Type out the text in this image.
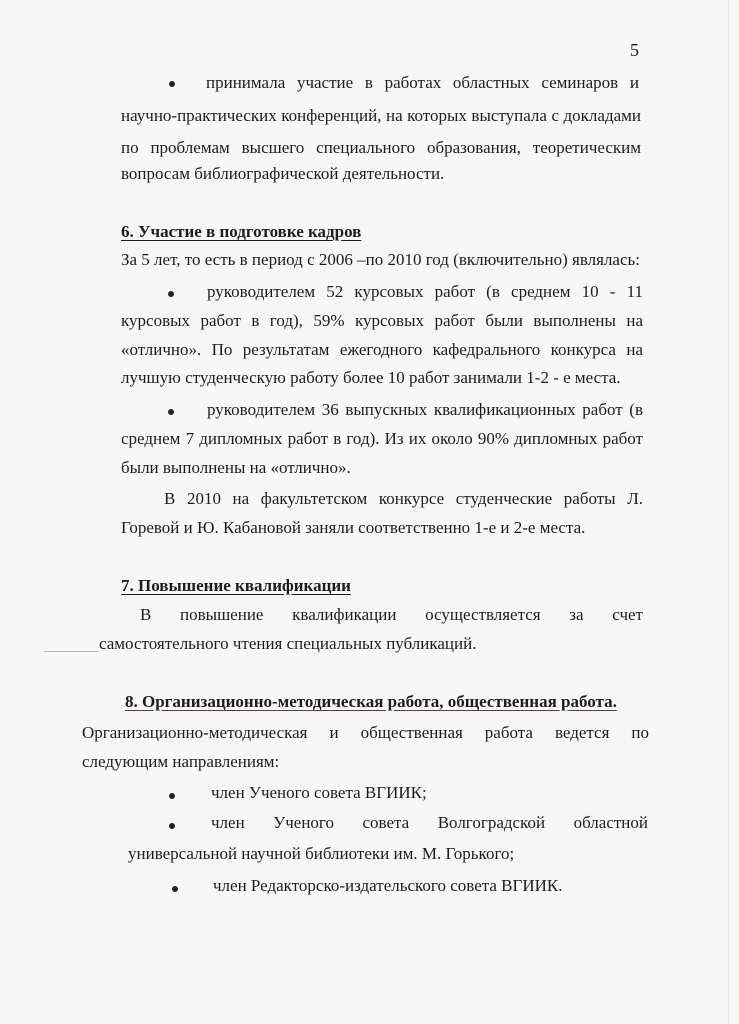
5
принимала участие в работах областных семинаров и
научно-практических конференций, на которых выступала с докладами
по проблемам высшего специального образования, теоретическим
вопросам библиографической деятельности.
6. Участие в подготовке кадров
За 5 лет, то есть в период с 2006 –по 2010 год (включительно) являлась:
руководителем 52 курсовых работ (в среднем 10 - 11
курсовых работ в год), 59% курсовых работ были выполнены на
«отлично». По результатам ежегодного кафедрального конкурса на
лучшую студенческую работу более 10 работ занимали 1-2 - е места.
руководителем 36 выпускных квалификационных работ (в
среднем 7 дипломных работ в год). Из их около 90% дипломных работ
были выполнены на «отлично».
В 2010 на факультетском конкурсе студенческие работы Л.
Горевой и Ю. Кабановой заняли соответственно 1-е и 2-е места.
7. Повышение квалификации
В повышение квалификации осуществляется за счет
самостоятельного чтения специальных публикаций.
8. Организационно-методическая работа, общественная работа.
Организационно-методическая и общественная работа ведется по
следующим направлениям:
член Ученого совета ВГИИК;
член Ученого совета Волгоградской областной
универсальной научной библиотеки им. М. Горького;
член Редакторско-издательского совета ВГИИК.
